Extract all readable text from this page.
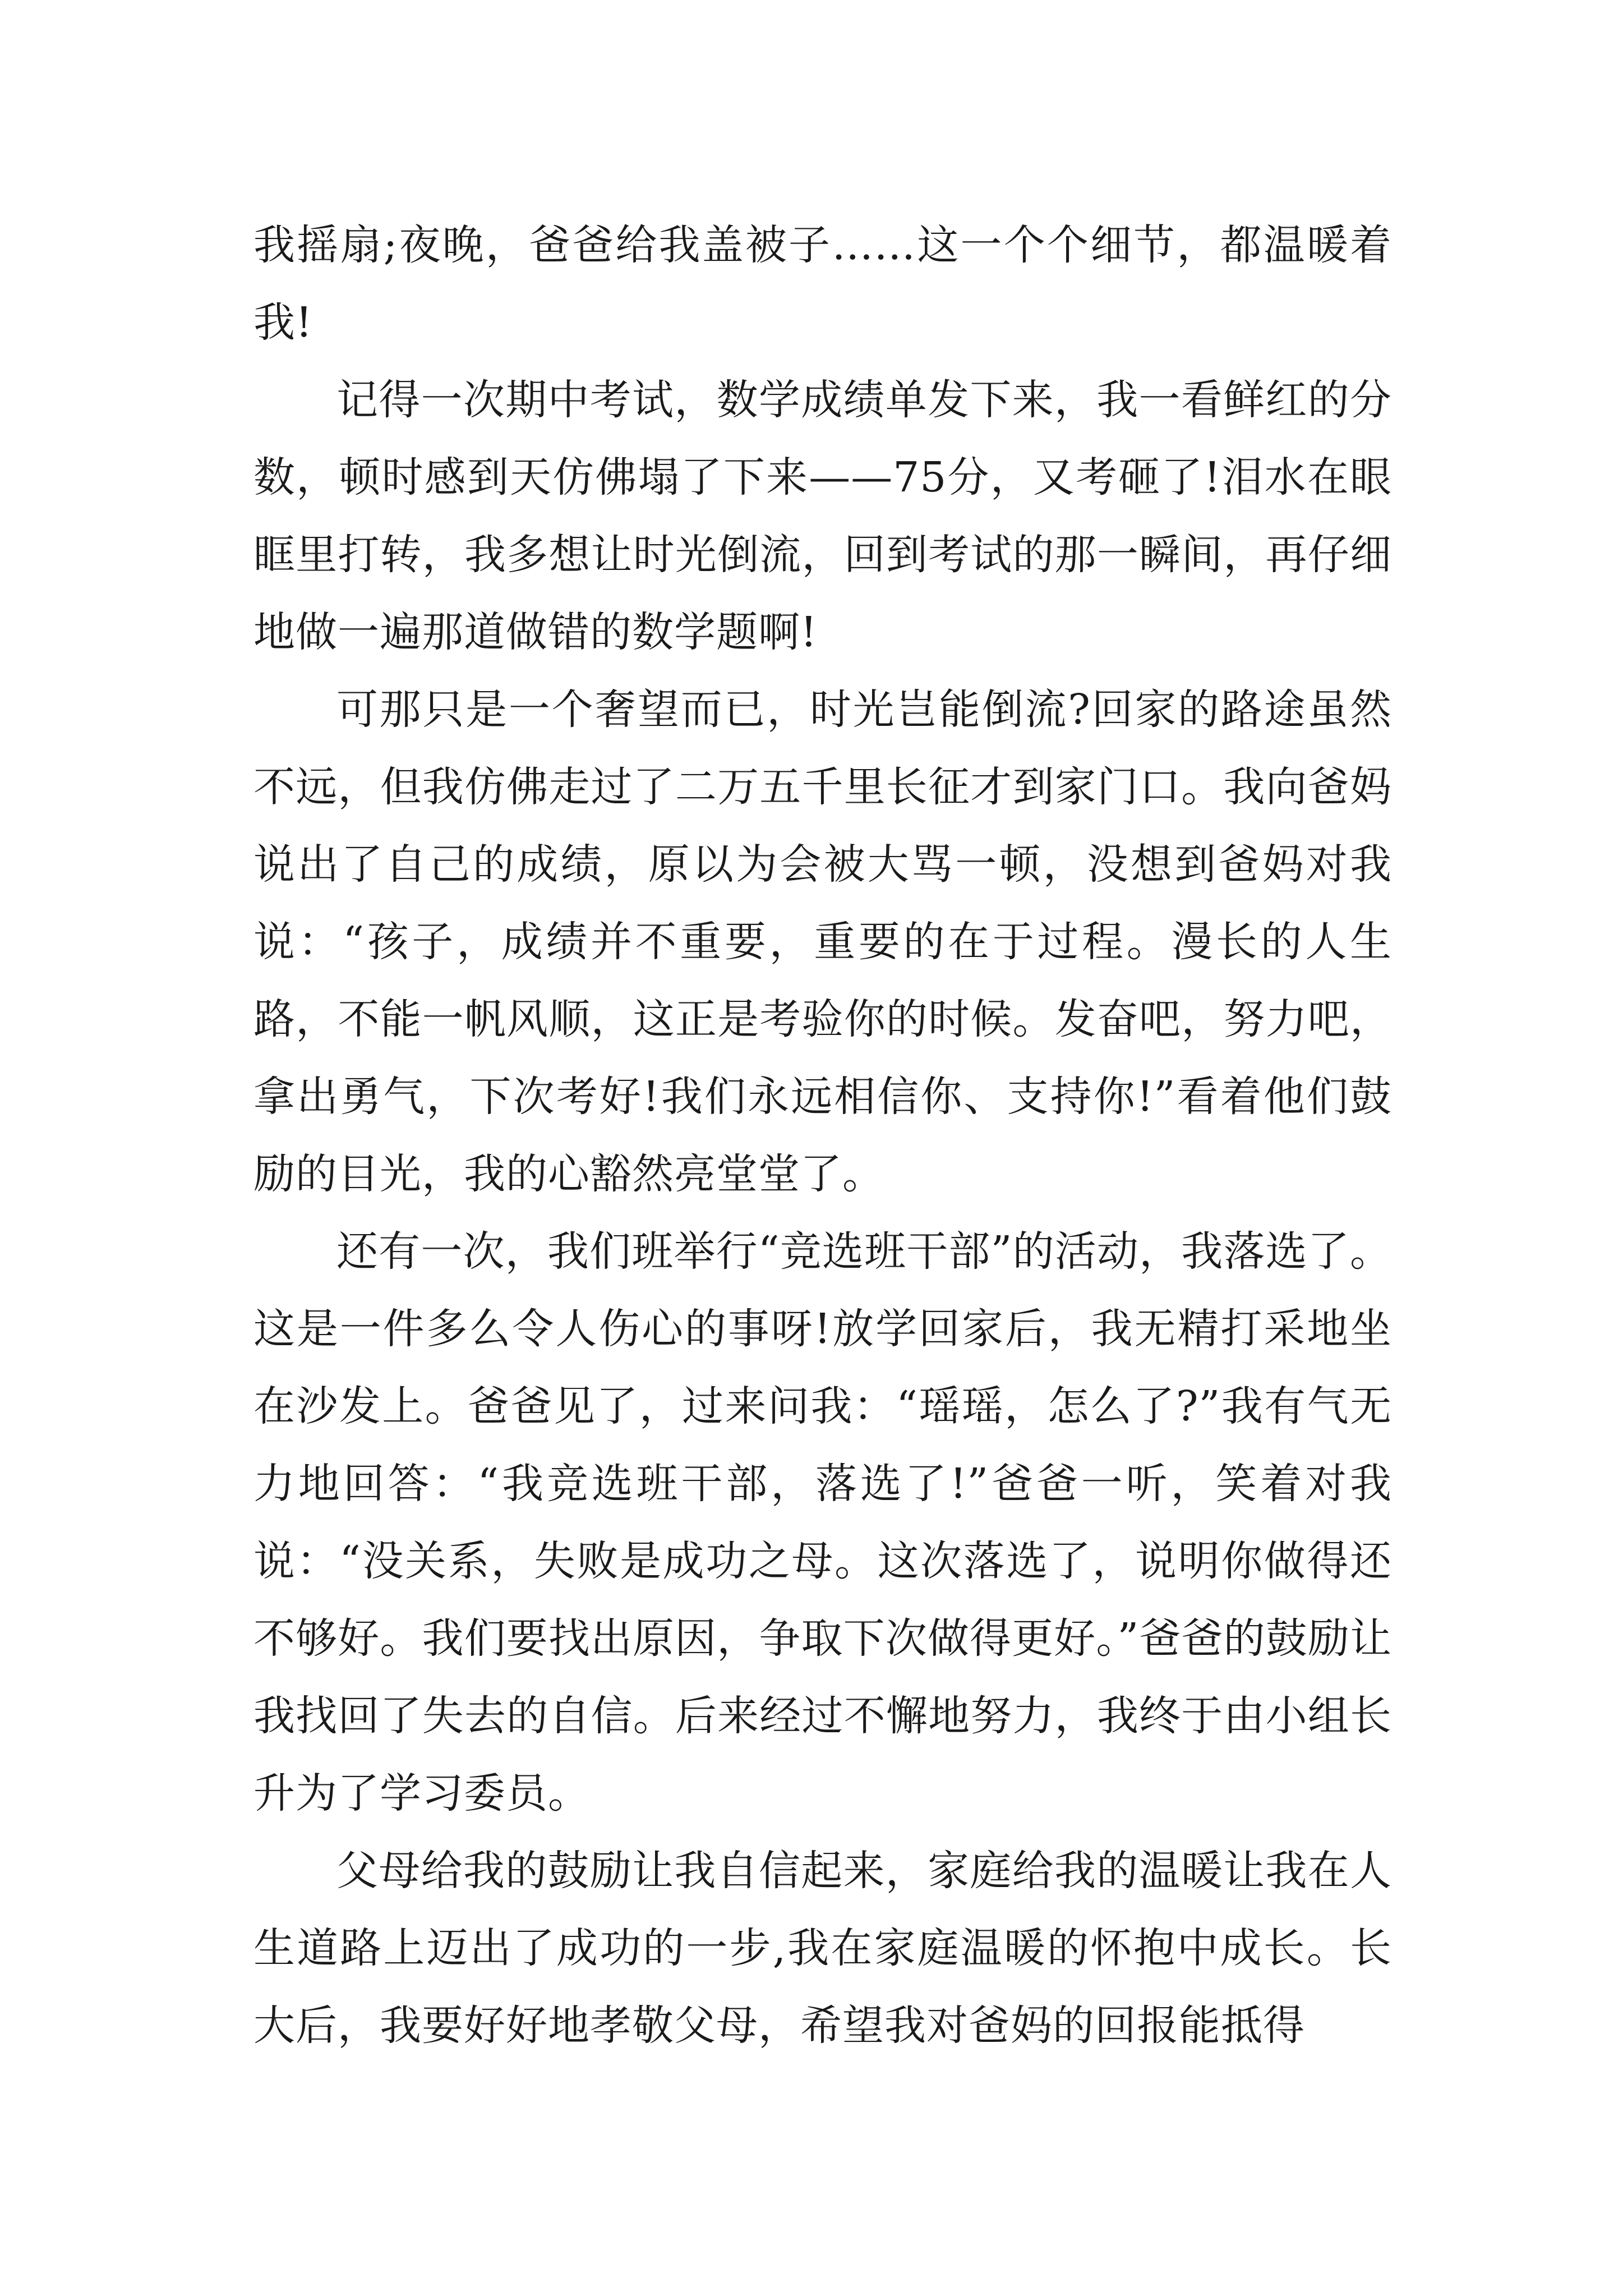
我摇扇;夜晚，爸爸给我盖被子……这一个个细节，都温暖着我!

记得一次期中考试，数学成绩单发下来，我一看鲜红的分数，顿时感到天仿佛塌了下来——75分，又考砸了!泪水在眼眶里打转，我多想让时光倒流，回到考试的那一瞬间，再仔细地做一遍那道做错的数学题啊!

可那只是一个奢望而已，时光岂能倒流?回家的路途虽然不远，但我仿佛走过了二万五千里长征才到家门口。我向爸妈说出了自己的成绩，原以为会被大骂一顿，没想到爸妈对我说：“孩子，成绩并不重要，重要的在于过程。漫长的人生路，不能一帆风顺，这正是考验你的时候。发奋吧，努力吧，拿出勇气，下次考好!我们永远相信你、支持你!”看着他们鼓励的目光，我的心豁然亮堂堂了。

还有一次，我们班举行“竞选班干部”的活动，我落选了。这是一件多么令人伤心的事呀!放学回家后，我无精打采地坐在沙发上。爸爸见了，过来问我：“瑶瑶，怎么了?”我有气无力地回答：“我竞选班干部，落选了!”爸爸一听，笑着对我说：“没关系，失败是成功之母。这次落选了，说明你做得还不够好。我们要找出原因，争取下次做得更好。”爸爸的鼓励让我找回了失去的自信。后来经过不懈地努力，我终于由小组长升为了学习委员。

父母给我的鼓励让我自信起来，家庭给我的温暖让我在人生道路上迈出了成功的一步,我在家庭温暖的怀抱中成长。长大后，我要好好地孝敬父母，希望我对爸妈的回报能抵得
